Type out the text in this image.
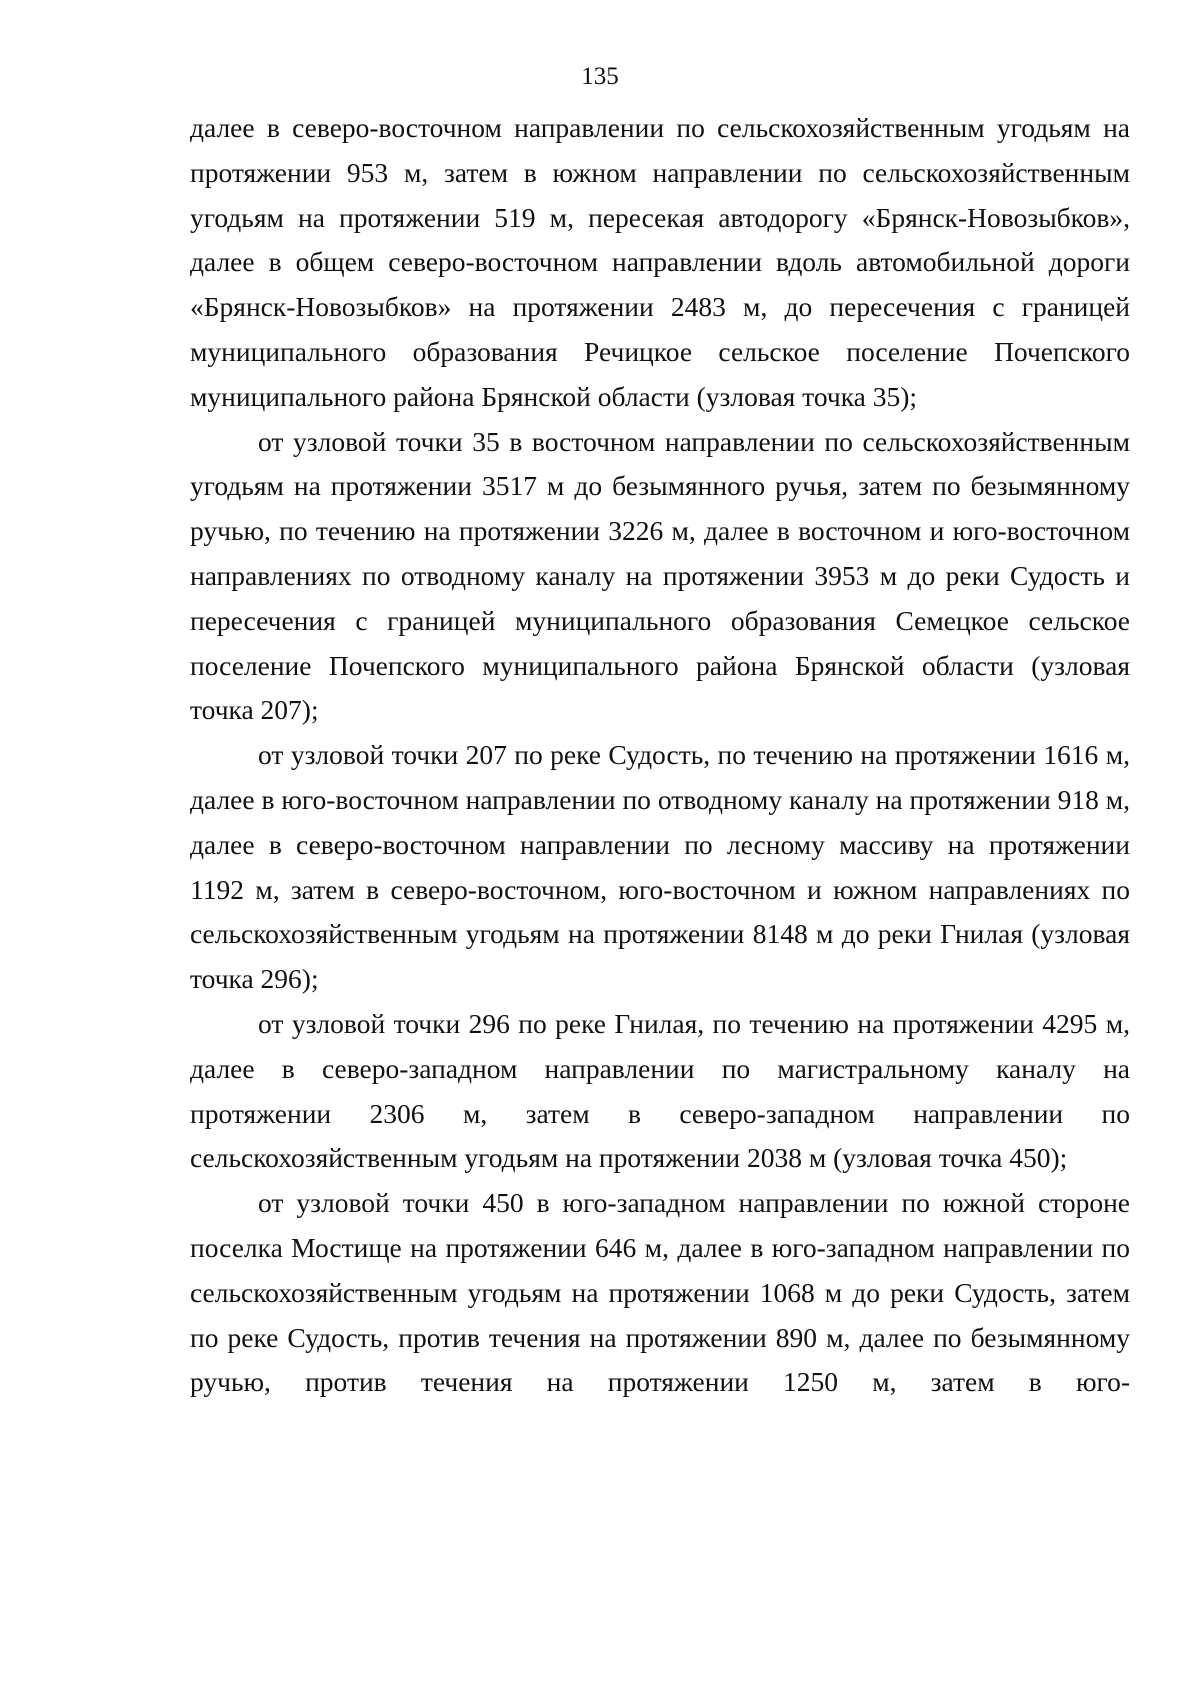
135

далее в северо-восточном направлении по сельскохозяйственным угодьям на протяжении 953 м, затем в южном направлении по сельскохозяйственным угодьям на протяжении 519 м, пересекая автодорогу «Брянск-Новозыбков», далее в общем северо-восточном направлении вдоль автомобильной дороги «Брянск-Новозыбков» на протяжении 2483 м, до пересечения с границей муниципального образования Речицкое сельское поселение Почепского муниципального района Брянской области (узловая точка 35);

от узловой точки 35 в восточном направлении по сельскохозяйственным угодьям на протяжении 3517 м до безымянного ручья, затем по безымянному ручью, по течению на протяжении 3226 м, далее в восточном и юго-восточном направлениях по отводному каналу на протяжении 3953 м до реки Судость и пересечения с границей муниципального образования Семецкое сельское поселение Почепского муниципального района Брянской области (узловая точка 207);

от узловой точки 207 по реке Судость, по течению на протяжении 1616 м, далее в юго-восточном направлении по отводному каналу на протяжении 918 м, далее в северо-восточном направлении по лесному массиву на протяжении 1192 м, затем в северо-восточном, юго-восточном и южном направлениях по сельскохозяйственным угодьям на протяжении 8148 м до реки Гнилая (узловая точка 296);

от узловой точки 296 по реке Гнилая, по течению на протяжении 4295 м, далее в северо-западном направлении по магистральному каналу на протяжении 2306 м, затем в северо-западном направлении по сельскохозяйственным угодьям на протяжении 2038 м (узловая точка 450);

от узловой точки 450 в юго-западном направлении по южной стороне поселка Мостище на протяжении 646 м, далее в юго-западном направлении по сельскохозяйственным угодьям на протяжении 1068 м до реки Судость, затем по реке Судость, против течения на протяжении 890 м, далее по безымянному ручью, против течения на протяжении 1250 м, затем в юго-
